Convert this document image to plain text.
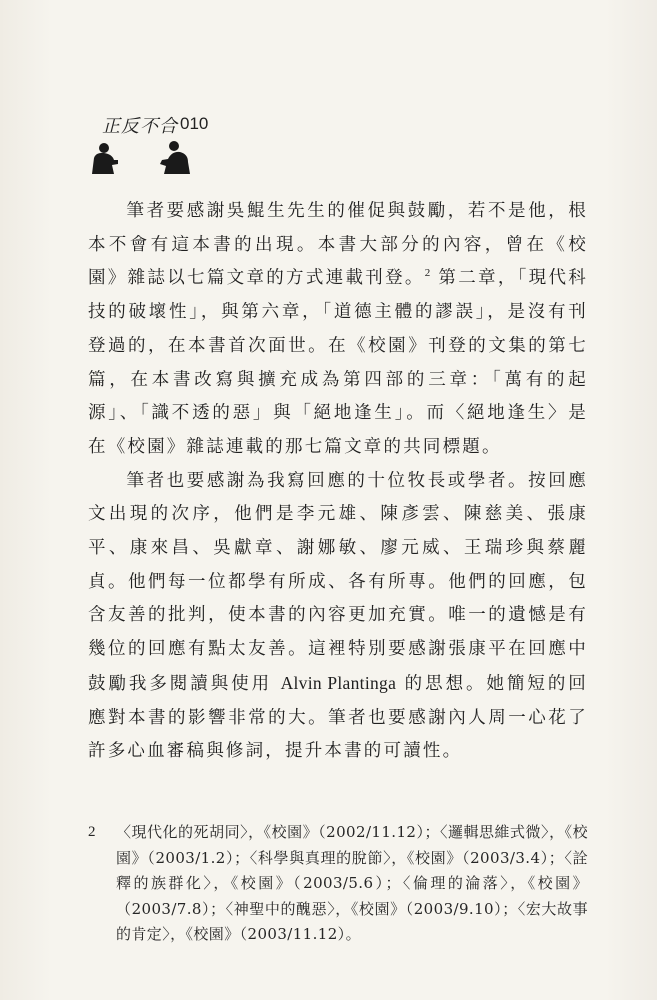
正反不合 010

筆者要感謝吳鯤生先生的催促與鼓勵，若不是他，根本不會有這本書的出現。本書大部分的內容，曾在《校園》雜誌以七篇文章的方式連載刊登。$^2$ 第二章，「現代科技的破壞性」，與第六章，「道德主體的謬誤」，是沒有刊登過的，在本書首次面世。在《校園》刊登的文集的第七篇，在本書改寫與擴充成為第四部的三章：「萬有的起源」、「識不透的惡」與「絕地逢生」。而〈絕地逢生〉是在《校園》雜誌連載的那七篇文章的共同標題。

筆者也要感謝為我寫回應的十位牧長或學者。按回應文出現的次序，他們是李元雄、陳彥雲、陳慈美、張康平、康來昌、吳獻章、謝娜敏、廖元威、王瑞珍與蔡麗貞。他們每一位都學有所成、各有所專。他們的回應，包含友善的批判，使本書的內容更加充實。唯一的遺憾是有幾位的回應有點太友善。這裡特別要感謝張康平在回應中鼓勵我多閱讀與使用 Alvin Plantinga 的思想。她簡短的回應對本書的影響非常的大。筆者也要感謝內人周一心花了許多心血審稿與修詞，提升本書的可讀性。

2 〈現代化的死胡同〉，《校園》（2002/11.12）；〈邏輯思維式微〉，《校園》（2003/1.2）；〈科學與真理的脫節〉，《校園》（2003/3.4）；〈詮釋的族群化〉，《校園》（2003/5.6）；〈倫理的淪落〉，《校園》（2003/7.8）；〈神聖中的醜惡〉，《校園》（2003/9.10）；〈宏大故事的肯定〉，《校園》（2003/11.12）。
